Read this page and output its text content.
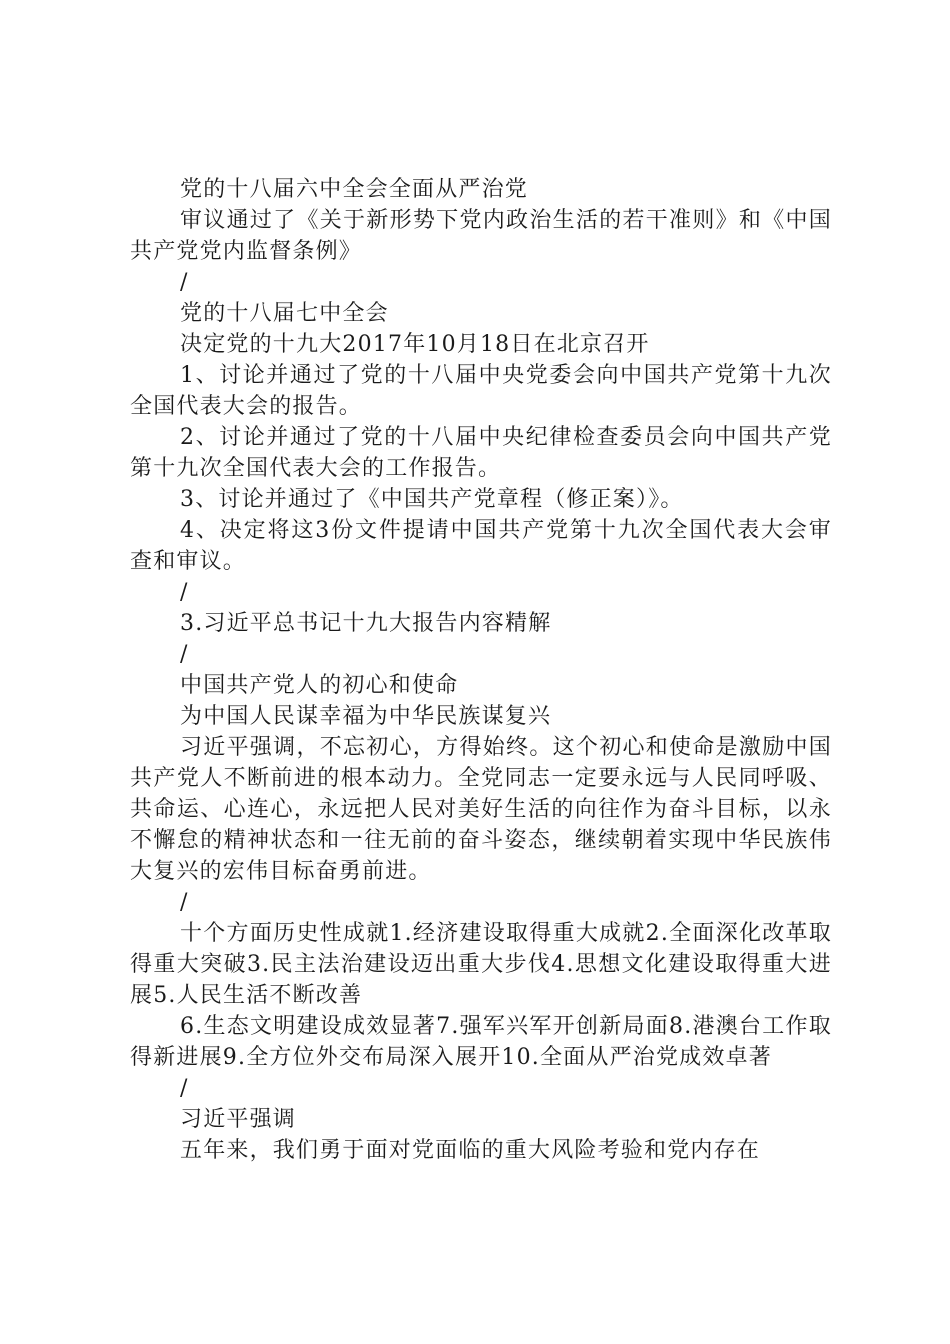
党的十八届六中全会全面从严治党

审议通过了《关于新形势下党内政治生活的若干准则》和《中国共产党党内监督条例》

/

党的十八届七中全会

决定党的十九大2017年10月18日在北京召开

1、讨论并通过了党的十八届中央党委会向中国共产党第十九次全国代表大会的报告。

2、讨论并通过了党的十八届中央纪律检查委员会向中国共产党第十九次全国代表大会的工作报告。

3、讨论并通过了《中国共产党章程（修正案）》。

4、决定将这3份文件提请中国共产党第十九次全国代表大会审查和审议。

/

3.习近平总书记十九大报告内容精解

/

中国共产党人的初心和使命

为中国人民谋幸福为中华民族谋复兴

习近平强调，不忘初心，方得始终。这个初心和使命是激励中国共产党人不断前进的根本动力。全党同志一定要永远与人民同呼吸、共命运、心连心，永远把人民对美好生活的向往作为奋斗目标，以永不懈怠的精神状态和一往无前的奋斗姿态，继续朝着实现中华民族伟大复兴的宏伟目标奋勇前进。

/

十个方面历史性成就1.经济建设取得重大成就2.全面深化改革取得重大突破3.民主法治建设迈出重大步伐4.思想文化建设取得重大进展5.人民生活不断改善

6.生态文明建设成效显著7.强军兴军开创新局面8.港澳台工作取得新进展9.全方位外交布局深入展开10.全面从严治党成效卓著

/

习近平强调

五年来，我们勇于面对党面临的重大风险考验和党内存在
